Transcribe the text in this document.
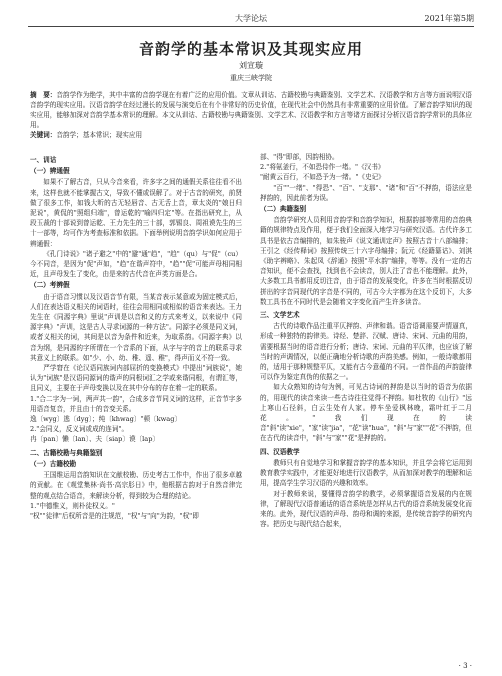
大学论坛	2021年第5期
音韵学的基本常识及其现实应用
刘宣璇
重庆三峡学院
摘　要：音韵学作为绝学，其中丰富的音韵学现在有着广泛的应用价值。文章从训诂、古籍校勘与典籍鉴别、文学艺术、汉语教学和方言等方面说明汉语音韵学的现实应用。汉语音韵学在经过漫长的发展与演变后在有个非常好的历史价值，在现代社会中仍然具有非常重要的应用价值。了解音韵学知识的现实应用，能够加深对音韵学基本常识的理解。本文从训诂、古籍校勘与典籍鉴别、文学艺术、汉语教学和方言等诸方面探讨分析汉语音韵学常识的具体应用。
关键词：音韵学；基本常识；现实应用
一、训诂
（一）辨通假
如果不了解古音，只从今音来看，许多字之间的通假关系往往看不出来，这样也就不能掌握古文，导致不懂或误解了。对于古音的研究，前贤做了很多工作，如钱大昕的古无轻唇音、古无舌上音，章太炎的"娘日归泥说"，黄侃的"照组归端"，曾运乾的"喻四归定"等。在指出研究上，从段玉裁的十部说到曾运乾、王力先生的三十部，郭锡良、周祖谟先生的三十一部等，均可作为考查标准和依据。下面举例说明音韵学识如何应用于辨通假：
《孔门诗说》"诸子避之"中的"避"通"趋"，"趋"（qu）与"促"（cu）今不同音，是因为"促"声如，"趋"在谐声符中，"趋""促"可能声母相同相近，且声母发生了变化，由是来的古代音在声类方面是合。
（二）考辨假
由于语音习惯以及汉语音节有限，当某音表示某意或为固定模式后，人们在表达语义相关的词语时，往往会用相同或相似的语音来表达。王力先生在《同源字典》里说"声训是以音和义的方式来考义，以来说中《同源字典》"声训，这是古人寻求词源的一种方法"。同源字必须是同义词，或者义相关的词，其间是以音为条件和近来，为取系韵。《同源字典》以音为纲，是同源的字所谓在一个音系的下面，从字与字的音上的联系寻求其意义上的联系。如"少、小、幼、稚、遥、稚"，得声而义不符一致。
严学窘在《论汉语同族词内部屈折的变换模式》中提出"词族说"，她认为"词族"是汉语同源词的谐声的同根词汇之学或来谐同根，有谓汇等，且同义，主要在于声母变换以及在其中分布的存在着一定的联系。
1."合二字为一词，两声共一韵"，合成多音节同义词的这样，正音节字多用语音复音，并且由十的音变关系。
逸〔wyg〕逃〔dyg〕；纯〔khwag〕"顿〔kwag〕
2."会同义，反义词或成的连词"。
冉〔pan〕懒〔lan〕、夫〔siap〕谟〔lap〕
二、古籍校勘与典籍鉴别
（一）古籍校勘
王国维运用音韵知识在文献校勘、历史考古工作中，作出了很多卓越的贡献。在《观堂集林·尚书·高宗肜日》中，他根据古韵对于自然音律完整的观点结合语音，来解读分析，得到较为合理的结论。
1."中德惟义，则朴徒权义。"
"权""徒律"后权所音是的注规范，"权"与"向"为韵，"权"即
部、"得"即部，因韵相协。
2."将氨釜行，不如恐侍作一堵。"《汉书》
"耐黄云百行，不如恐予为一绪。"《史记》
"百""一绪"、"得恐"、"百"、"支那"、"诸"和"百"不押韵，语法应是押韵的，因此前者为误。
（二）典籍鉴别
音韵学研究人员利用音韵学和音韵学知识，根据韵部等常用的音韵典籍的规律特点及作用，便于我们全面深入地学习与研究汉语。古代许多工具书是依古音编排的，如朱骏声《说文通训定声》按照古音十八部编排；王引之《经传释词》按照传统三十六字母编排；阮元《经籍纂诂》、刘淇《助字辨略》、朱起凤《辞通》按照"平水韵"编排，等等。没有一定的古音知识，便不会查找，找到也不会读音，别人注了音也不能理解。此外，大多数工具书都用反切注音，由于语音的发展变化，许多在当时根据反切拼出的字音同现代的字音是不同的，可古今大字都为在这个反切下，大多数工具书在不同时代是会随着文字变化而产生许多读音。
三、文学艺术
古代的诗歌作品注重平仄押韵、声律和谐。语音语调需要声情逼真，形成一种独特的韵律美。诗经、楚辞、汉赋、唐诗、宋词、元曲的用韵，需要根据当时的语音进行分析；唐诗、宋词、元曲的平仄律，也应该了解当时的声调情况，以便正确地分析诗歌的声韵美感。例如，一般诗歌都用的，适用于那种规整平仄，又能有古今意蕴的不同。一首作品的声韵旋律可以作为鉴定真伪的依据之一。
如大众熟知的诗句为例，可见古诗词的押韵是以当时的语音为依据的，用现代的读音来读一些古诗往往觉得不押韵。如杜牧的《山行》"远上寒山石径斜，白云生处有人家。停车坐爱枫林晚，霜叶红于二月花。"我们现在的读音"斜"读"xie"，"家"读"jia"，"花"读"hua"，"斜"与"家""花"不押韵，但在古代的读音中，"斜"与"家""花"是押韵的。
四、汉语教学
教师只有自觉地学习和掌握音韵学的基本知识，并且学会将它运用到教育教学实践中，才能更好地进行汉语教学，从而加深对教学的理解和运用，提高学生学习汉语的兴趣和效率。
对于教师来说，要懂得音韵学的教学，必须掌握语音发展的内在规律，了解现代汉语普通话的语音系统是怎样从古代的语音系统发展变化而来的。此外，现代汉语的声母、韵母和调的来源，是传统音韵学的研究内容。把历史与现代结合起来，
· 3 ·
